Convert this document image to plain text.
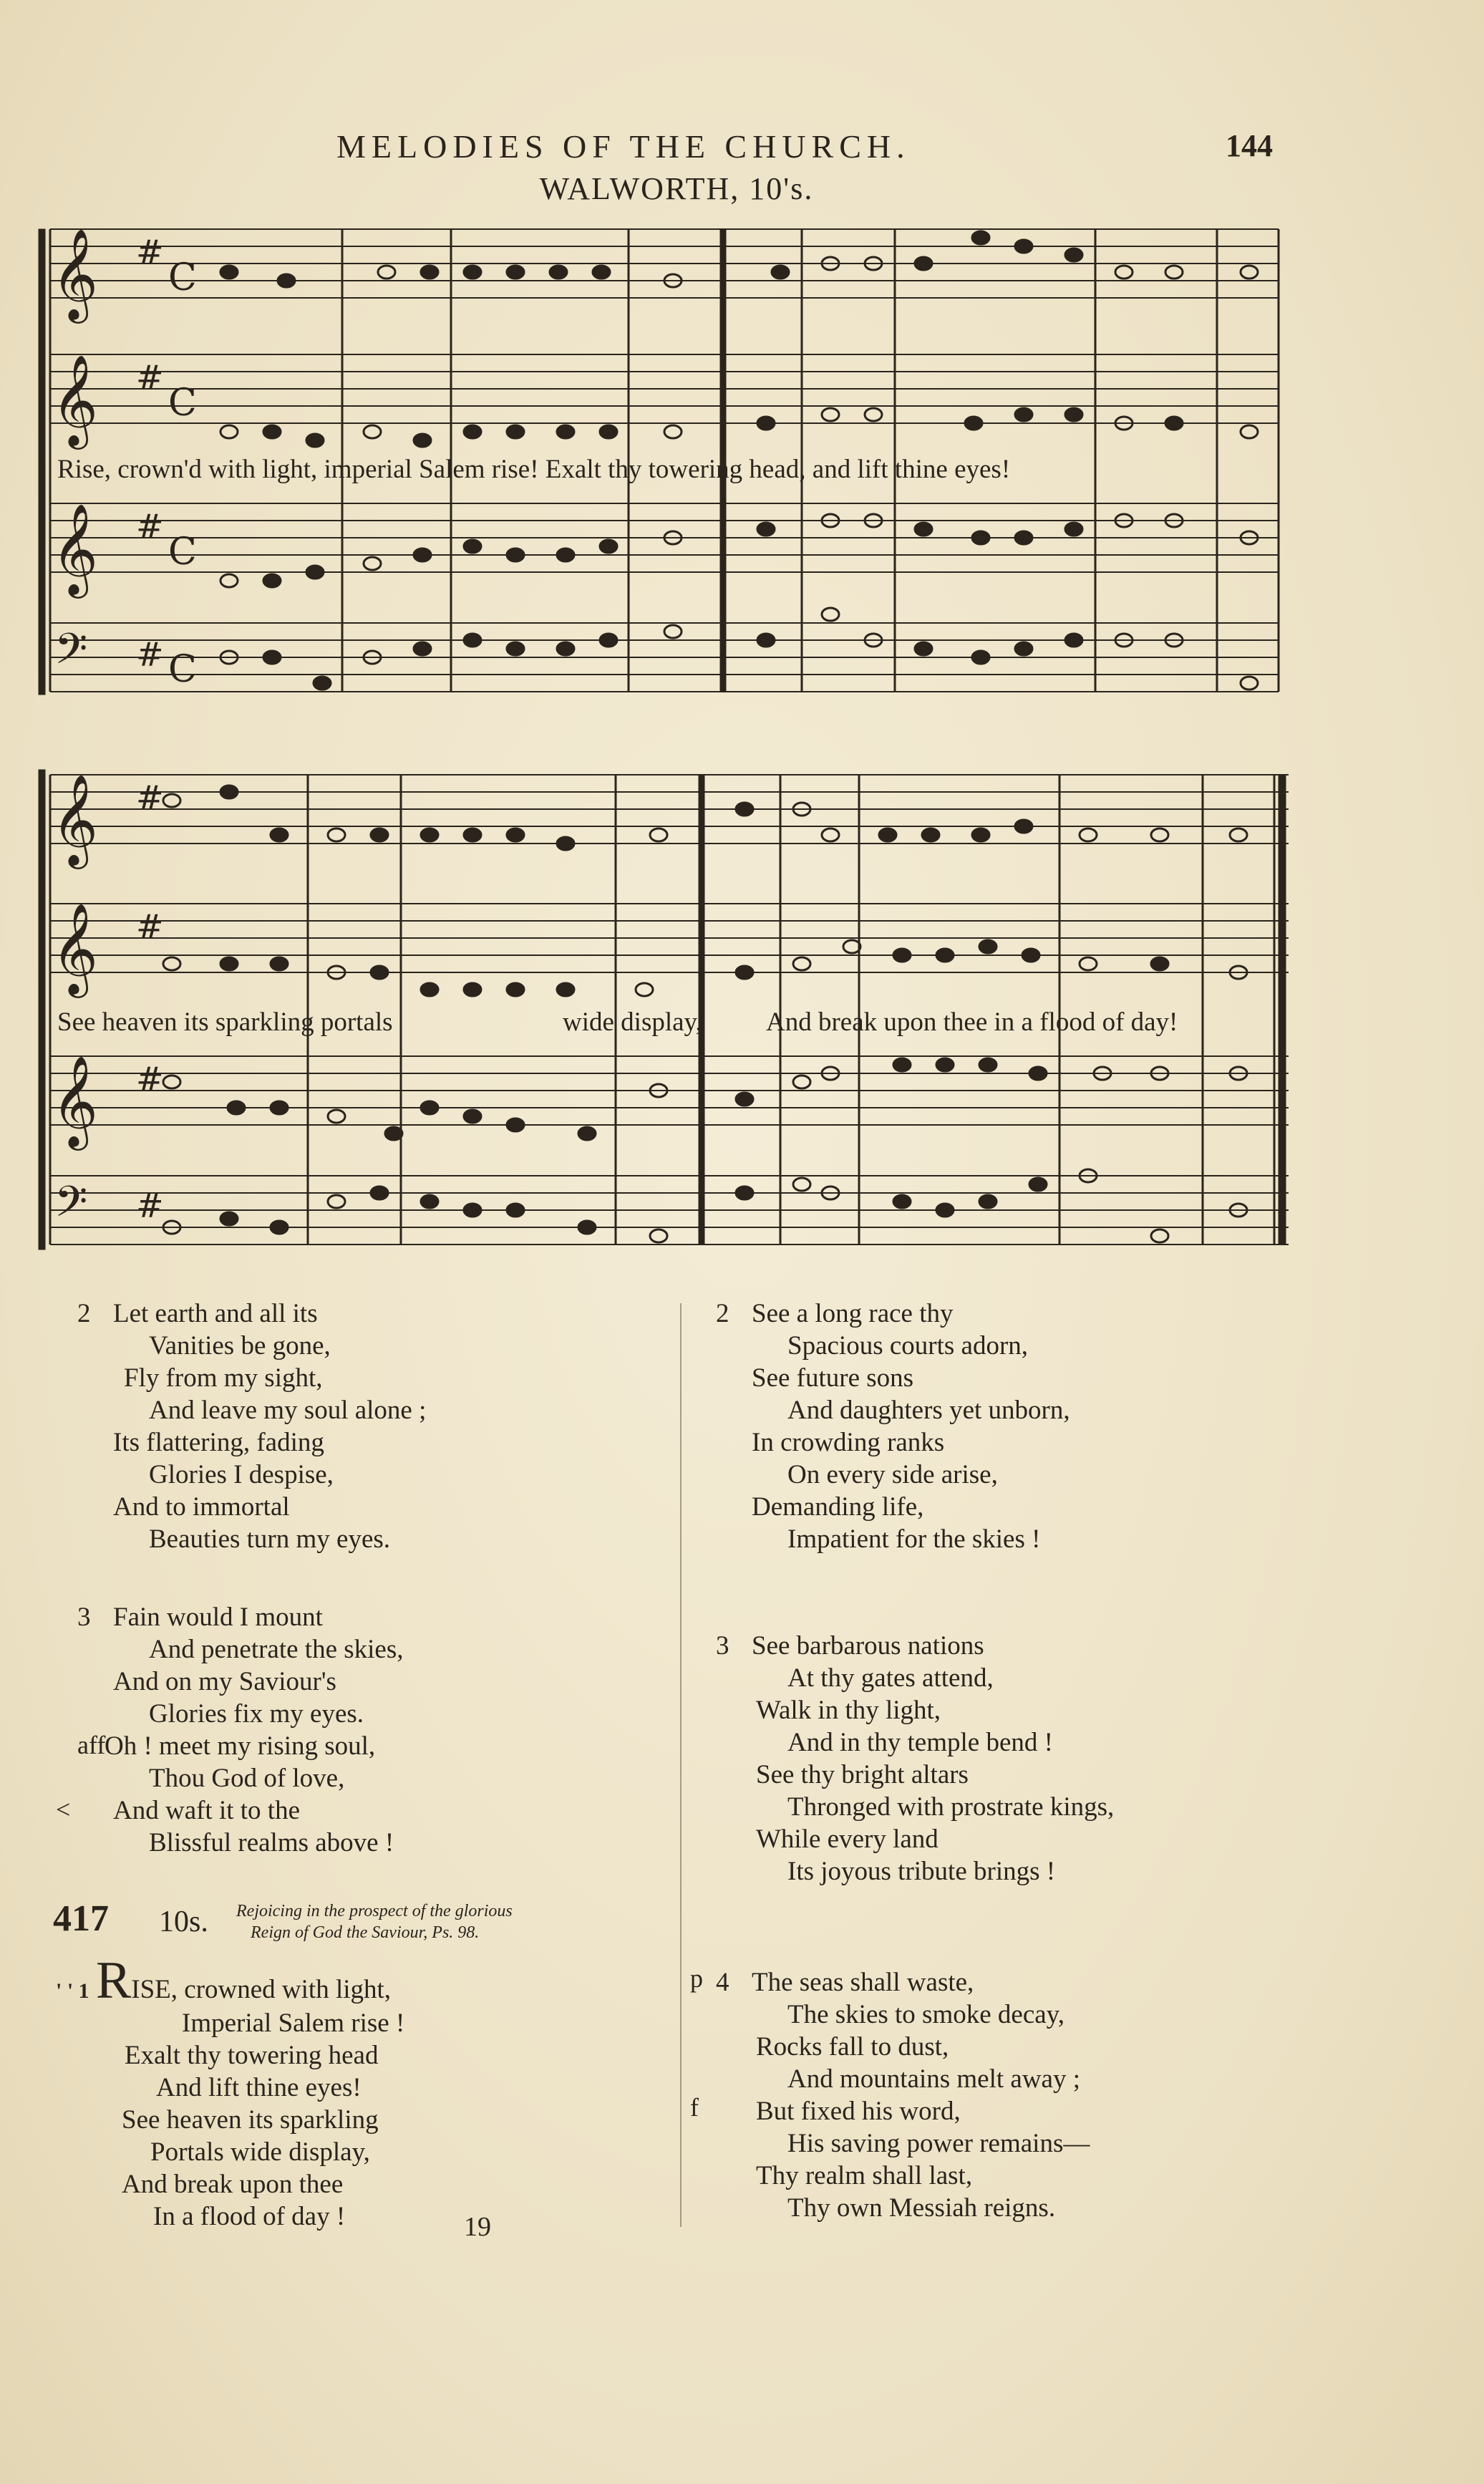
MELODIES OF THE CHURCH.	144
WALWORTH, 10's.
𝄞 #
C
𝄞 #
C
𝄞 #
C
𝄢 # C
𝄞 #
𝄞 #
𝄞 #
𝄢 #
Rise, crown'd with light, imperial Salem rise! Exalt thy towering head, and lift thine eyes!
See heaven its sparkling portals	wide display, And break upon thee in a flood of day!
2 Let earth and all its
Vanities be gone,
Fly from my sight,
And leave my soul alone ;
Its flattering, fading
Glories I despise,
And to immortal
Beauties turn my eyes.
3 Fain would I mount
And penetrate the skies,
And on my Saviour's
Glories fix my eyes.
Oh ! meet my rising soul,
Thou God of love,
And waft it to the
Blissful realms above !
aff
<
417 10s. Rejoicing in the prospect of the glorious
Reign of God the Saviour, Ps. 98.
' ' 1 RISE, crowned with light,
Imperial Salem rise !
Exalt thy towering head
And lift thine eyes!
See heaven its sparkling
Portals wide display,
And break upon thee
In a flood of day !	19
2 See a long race thy
Spacious courts adorn,
See future sons
And daughters yet unborn,
In crowding ranks
On every side arise,
Demanding life,
Impatient for the skies !
3 See barbarous nations
At thy gates attend,
Walk in thy light,
And in thy temple bend !
See thy bright altars
Thronged with prostrate kings,
While every land
Its joyous tribute brings !
p
f
4 The seas shall waste,
The skies to smoke decay,
Rocks fall to dust,
And mountains melt away ;
But fixed his word,
His saving power remains—
Thy realm shall last,
Thy own Messiah reigns.
